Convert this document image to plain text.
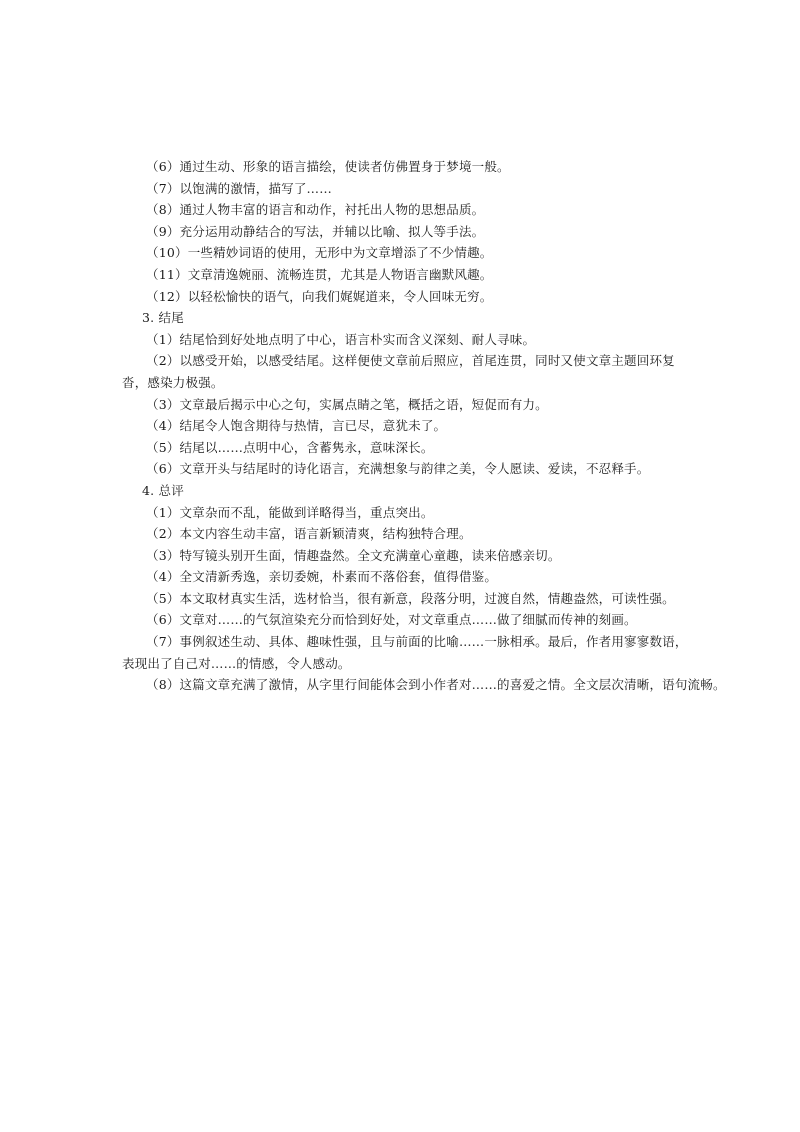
（6）通过生动、形象的语言描绘，使读者仿佛置身于梦境一般。
（7）以饱满的激情，描写了……
（8）通过人物丰富的语言和动作，衬托出人物的思想品质。
（9）充分运用动静结合的写法，并辅以比喻、拟人等手法。
（10）一些精妙词语的使用，无形中为文章增添了不少情趣。
（11）文章清逸婉丽、流畅连贯，尤其是人物语言幽默风趣。
（12）以轻松愉快的语气，向我们娓娓道来，令人回味无穷。
3. 结尾
（1）结尾恰到好处地点明了中心，语言朴实而含义深刻、耐人寻味。
（2）以感受开始，以感受结尾。这样便使文章前后照应，首尾连贯，同时又使文章主题回环复沓，感染力极强。
（3）文章最后揭示中心之句，实属点睛之笔，概括之语，短促而有力。
（4）结尾令人饱含期待与热情，言已尽，意犹未了。
（5）结尾以……点明中心，含蓄隽永，意味深长。
（6）文章开头与结尾时的诗化语言，充满想象与韵律之美，令人愿读、爱读，不忍释手。
4. 总评
（1）文章杂而不乱，能做到详略得当，重点突出。
（2）本文内容生动丰富，语言新颖清爽，结构独特合理。
（3）特写镜头别开生面，情趣盎然。全文充满童心童趣，读来倍感亲切。
（4）全文清新秀逸，亲切委婉，朴素而不落俗套，值得借鉴。
（5）本文取材真实生活，选材恰当，很有新意，段落分明，过渡自然，情趣盎然，可读性强。
（6）文章对……的气氛渲染充分而恰到好处，对文章重点……做了细腻而传神的刻画。
（7）事例叙述生动、具体、趣味性强，且与前面的比喻……一脉相承。最后，作者用寥寥数语，表现出了自己对……的情感，令人感动。
（8）这篇文章充满了激情，从字里行间能体会到小作者对……的喜爱之情。全文层次清晰，语句流畅。
